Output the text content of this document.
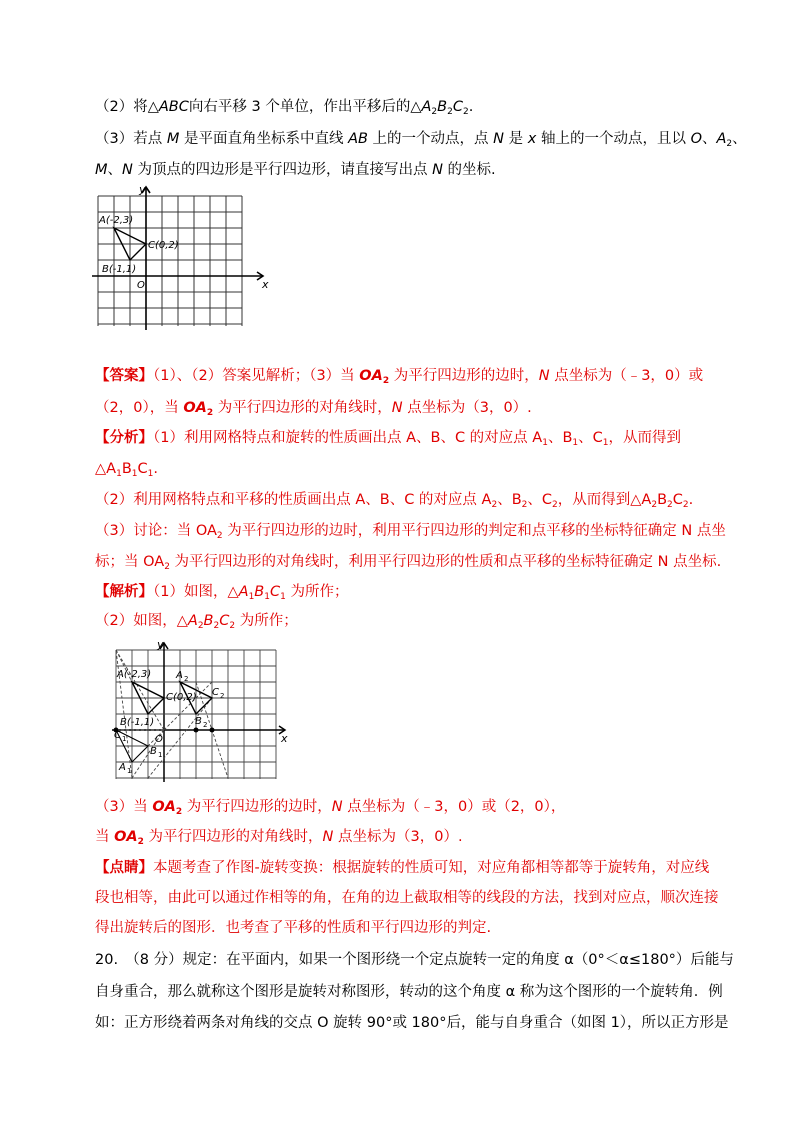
（2）将△ABC向右平移 3 个单位，作出平移后的$\triangle A_2B_2C_2$.
（3）若点 M 是平面直角坐标系中直线 AB 上的一个动点，点 N 是 x 轴上的一个动点，且以 O、$A_2$、
M、N 为顶点的四边形是平行四边形，请直接写出点 N 的坐标.
A(-2,3)
B(-1,1)
C(0,2)
O	x
y
【答案】（1）、（2）答案见解析；（3）当 $OA_2$ 为平行四边形的边时，N 点坐标为（﹣3，0）或
（2，0），当 $OA_2$ 为平行四边形的对角线时，N 点坐标为（3，0）.
【分析】（1）利用网格特点和旋转的性质画出点 A、B、C 的对应点 $A_1$、$B_1$、$C_1$，从而得到
$\triangle A_1B_1C_1$.
（2）利用网格特点和平移的性质画出点 A、B、C 的对应点 $A_2$、$B_2$、$C_2$，从而得到$\triangle A_2B_2C_2$.
（3）讨论：当 $OA_2$ 为平行四边形的边时，利用平行四边形的判定和点平移的坐标特征确定 N 点坐
标；当 $OA_2$ 为平行四边形的对角线时，利用平行四边形的性质和点平移的坐标特征确定 N 点坐标.
【解析】（1）如图，$\triangle A_1B_1C_1$ 为所作；
（2）如图，$\triangle A_2B_2C_2$ 为所作；
A(-2,3)
B(-1,1)
C(0,2)
O	x
y
A 1
B 1
C 1
A 2
B 2
C 2
（3）当 $OA_2$ 为平行四边形的边时，N 点坐标为（﹣3，0）或（2，0），
当 $OA_2$ 为平行四边形的对角线时，N 点坐标为（3，0）.
【点睛】本题考查了作图-旋转变换：根据旋转的性质可知，对应角都相等都等于旋转角，对应线
段也相等，由此可以通过作相等的角，在角的边上截取相等的线段的方法，找到对应点，顺次连接
得出旋转后的图形．也考查了平移的性质和平行四边形的判定.
20.　（8 分）规定：在平面内，如果一个图形绕一个定点旋转一定的角度 α（0°＜α≤180°）后能与
自身重合，那么就称这个图形是旋转对称图形，转动的这个角度 α 称为这个图形的一个旋转角．例
如：正方形绕着两条对角线的交点 O 旋转 90°或 180°后，能与自身重合（如图 1），所以正方形是
